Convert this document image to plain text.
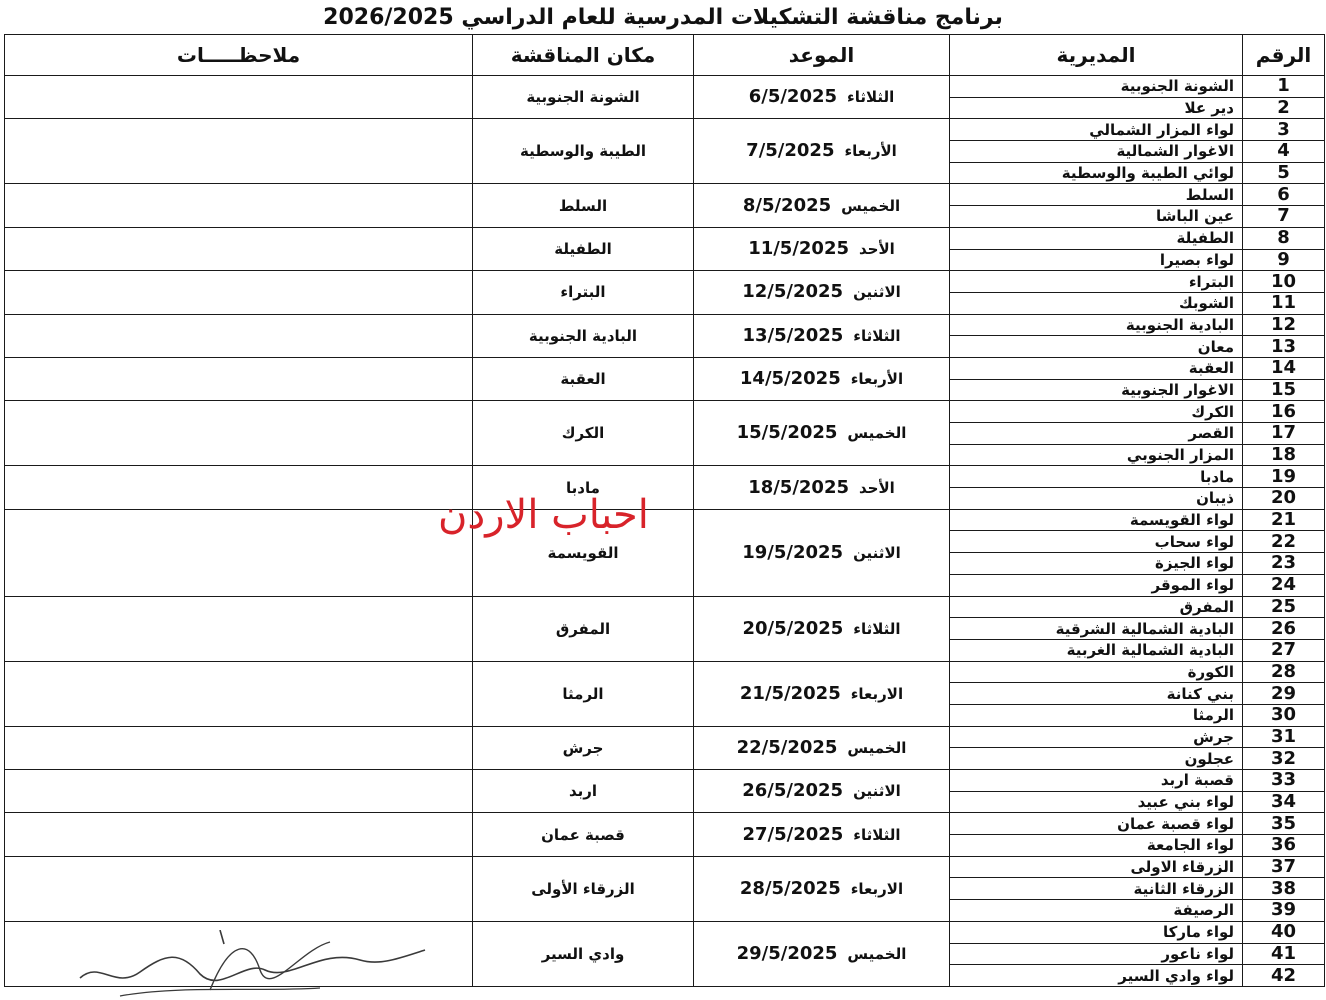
برنامج مناقشة التشكيلات المدرسية للعام الدراسي 2026/2025
الرقم	المديرية	الموعد	مكان المناقشة	ملاحظـــــات
1	الشونة الجنوبية	الثلاثاء6/5/2025	الشونة الجنوبية	
2	دير علا			
3	لواء المزار الشمالي	الأربعاء7/5/2025	الطيبة والوسطية	
4	الاغوار الشمالية			
5	لوائي الطيبة والوسطية			
6	السلط	الخميس8/5/2025	السلط	
7	عين الباشا			
8	الطفيلة	الأحد11/5/2025	الطفيلة	
9	لواء بصيرا			
10	البتراء	الاثنين12/5/2025	البتراء	
11	الشوبك			
12	البادية الجنوبية	الثلاثاء13/5/2025	البادية الجنوبية	
13	معان			
14	العقبة	الأربعاء14/5/2025	العقبة	
15	الاغوار الجنوبية			
16	الكرك	الخميس15/5/2025	الكرك	
17	القصر			
18	المزار الجنوبي			
19	مادبا	الأحد18/5/2025	مادبا	
20	ذيبان			
21	لواء القويسمة	الاثنين19/5/2025	القويسمة	
22	لواء سحاب			
23	لواء الجيزة			
24	لواء الموقر			
25	المفرق	الثلاثاء20/5/2025	المفرق	
26	البادية الشمالية الشرقية			
27	البادية الشمالية الغربية			
28	الكورة	الاربعاء21/5/2025	الرمثا	
29	بني كنانة			
30	الرمثا			
31	جرش	الخميس22/5/2025	جرش	
32	عجلون			
33	قصبة اربد	الاثنين26/5/2025	اربد	
34	لواء بني عبيد			
35	لواء قصبة عمان	الثلاثاء27/5/2025	قصبة عمان	
36	لواء الجامعة			
37	الزرقاء الاولى	الاربعاء28/5/2025	الزرقاء الأولى	
38	الزرقاء الثانية			
39	الرصيفة			
40	لواء ماركا	الخميس29/5/2025	وادي السير	
41	لواء ناعور			
42	لواء وادي السير			
احباب الاردن
